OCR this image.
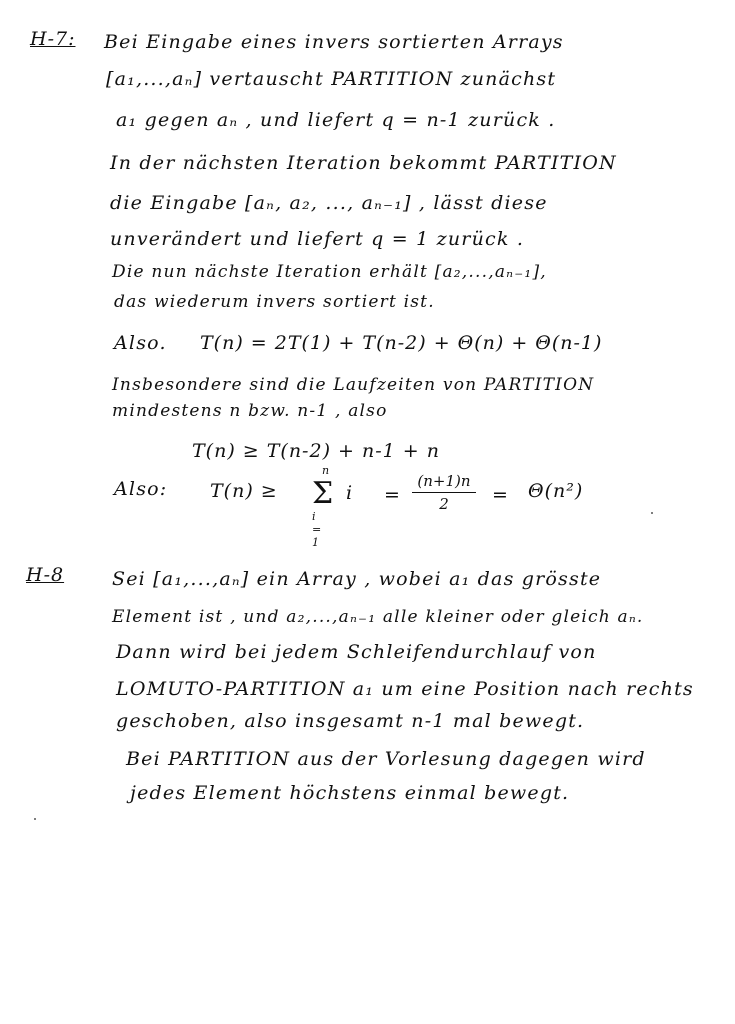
H-7: Bei Eingabe eines invers sortierten Arrays
[a₁,...,aₙ] vertauscht PARTITION zunächst
a₁ gegen aₙ , und liefert q = n-1 zurück .
In der nächsten Iteration bekommt PARTITION
die Eingabe [aₙ, a₂, ..., aₙ₋₁] , lässt diese
unverändert und liefert q = 1 zurück .
Die nun nächste Iteration erhält [a₂,...,aₙ₋₁],
das wiederum invers sortiert ist.
Also. T(n) = 2T(1) + T(n-2) + Θ(n) + Θ(n-1)
Insbesondere sind die Laufzeiten von PARTITION
mindestens n bzw. n-1 , also
T(n) ≥ T(n-2) + n-1 + n
Also: T(n) ≥
n
Σ
i = 1
i =
(n+1)n
2	= Θ(n²)
H-8	Sei [a₁,...,aₙ] ein Array , wobei a₁ das grösste
Element ist , und a₂,...,aₙ₋₁ alle kleiner oder gleich aₙ.
Dann wird bei jedem Schleifendurchlauf von
LOMUTO-PARTITION a₁ um eine Position nach rechts
geschoben, also insgesamt n-1 mal bewegt.
Bei PARTITION aus der Vorlesung dagegen wird
jedes Element höchstens einmal bewegt.
